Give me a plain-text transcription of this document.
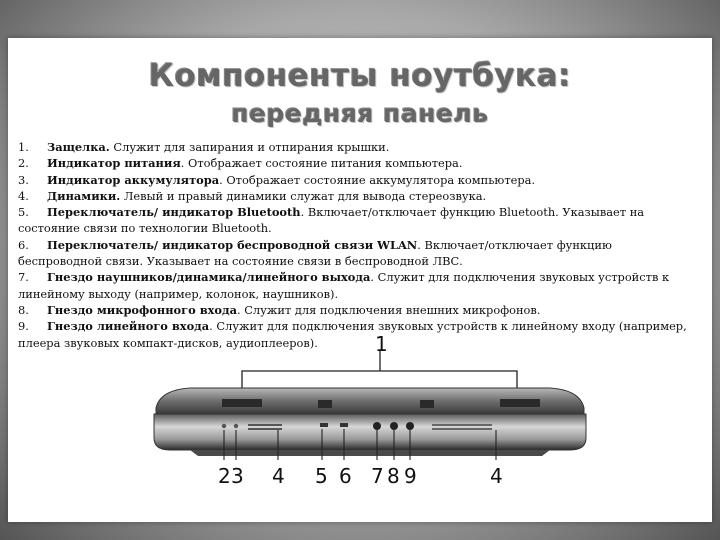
Компоненты ноутбука:
передняя панель

1. Защелка. Служит для запирания и отпирания крышки.

2. Индикатор питания. Отображает состояние питания компьютера.

3. Индикатор аккумулятора. Отображает состояние аккумулятора компьютера.

4. Динамики. Левый и правый динамики служат для вывода стереозвука.

5. Переключатель/ индикатор Bluetooth. Включает/отключает функцию Bluetooth. Указывает на состояние связи по технологии Bluetooth.

6. Переключатель/ индикатор беспроводной связи WLAN. Включает/отключает функцию беспроводной связи. Указывает на состояние связи в беспроводной ЛВС.

7. Гнездо наушников/динамика/линейного выхода. Служит для подключения звуковых устройств к линейному выходу (например, колонок, наушников).

8. Гнездо микрофонного входа. Служит для подключения внешних микрофонов.

9. Гнездо линейного входа. Служит для подключения звуковых устройств к линейному входу (например, плеера звуковых компакт-дисков, аудиоплееров).	1
2 3 4 5 6 7 8 9	4
